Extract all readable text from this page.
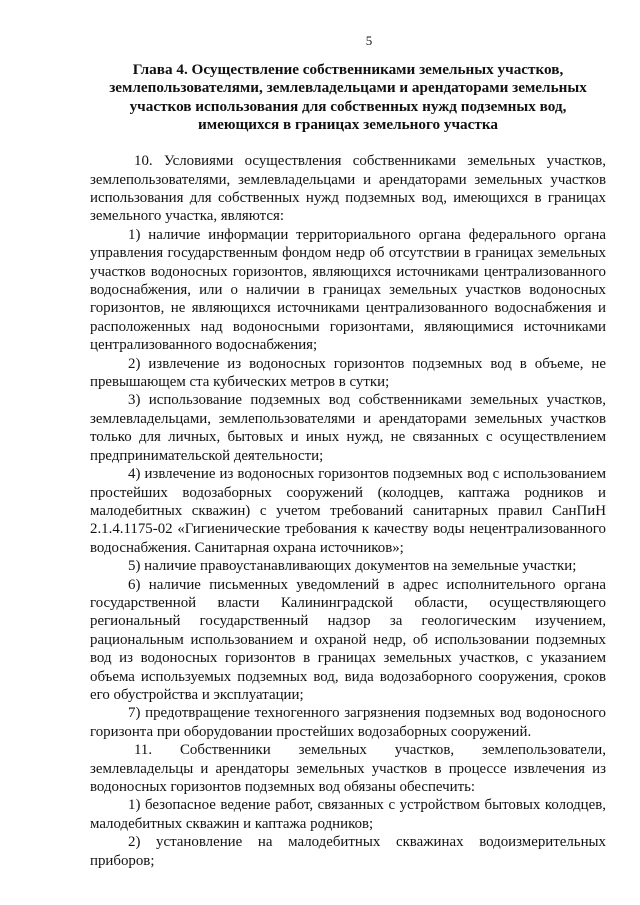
5
Глава 4. Осуществление собственниками земельных участков,
землепользователями, землевладельцами и арендаторами земельных
участков использования для собственных нужд подземных вод,
имеющихся в границах земельного участка

10. Условиями осуществления собственниками земельных участков, землепользователями, землевладельцами и арендаторами земельных участков использования для собственных нужд подземных вод, имеющихся в границах земельного участка, являются:

1) наличие информации территориального органа федерального органа управления государственным фондом недр об отсутствии в границах земельных участков водоносных горизонтов, являющихся источниками централизованного водоснабжения, или о наличии в границах земельных участков водоносных горизонтов, не являющихся источниками централизованного водоснабжения и расположенных над водоносными горизонтами, являющимися источниками централизованного водоснабжения;

2) извлечение из водоносных горизонтов подземных вод в объеме, не превышающем ста кубических метров в сутки;

3) использование подземных вод собственниками земельных участков, землевладельцами, землепользователями и арендаторами земельных участков только для личных, бытовых и иных нужд, не связанных с осуществлением предпринимательской деятельности;

4) извлечение из водоносных горизонтов подземных вод с использованием простейших водозаборных сооружений (колодцев, каптажа родников и малодебитных скважин) с учетом требований санитарных правил СанПиН 2.1.4.1175-02 «Гигиенические требования к качеству воды нецентрализованного водоснабжения. Санитарная охрана источников»;

5) наличие правоустанавливающих документов на земельные участки;

6) наличие письменных уведомлений в адрес исполнительного органа государственной власти Калининградской области, осуществляющего региональный государственный надзор за геологическим изучением, рациональным использованием и охраной недр, об использовании подземных вод из водоносных горизонтов в границах земельных участков, с указанием объема используемых подземных вод, вида водозаборного сооружения, сроков его обустройства и эксплуатации;

7) предотвращение техногенного загрязнения подземных вод водоносного горизонта при оборудовании простейших водозаборных сооружений.

11. Собственники земельных участков, землепользователи, землевладельцы и арендаторы земельных участков в процессе извлечения из водоносных горизонтов подземных вод обязаны обеспечить:

1) безопасное ведение работ, связанных с устройством бытовых колодцев, малодебитных скважин и каптажа родников;

2) установление на малодебитных скважинах водоизмерительных приборов;
